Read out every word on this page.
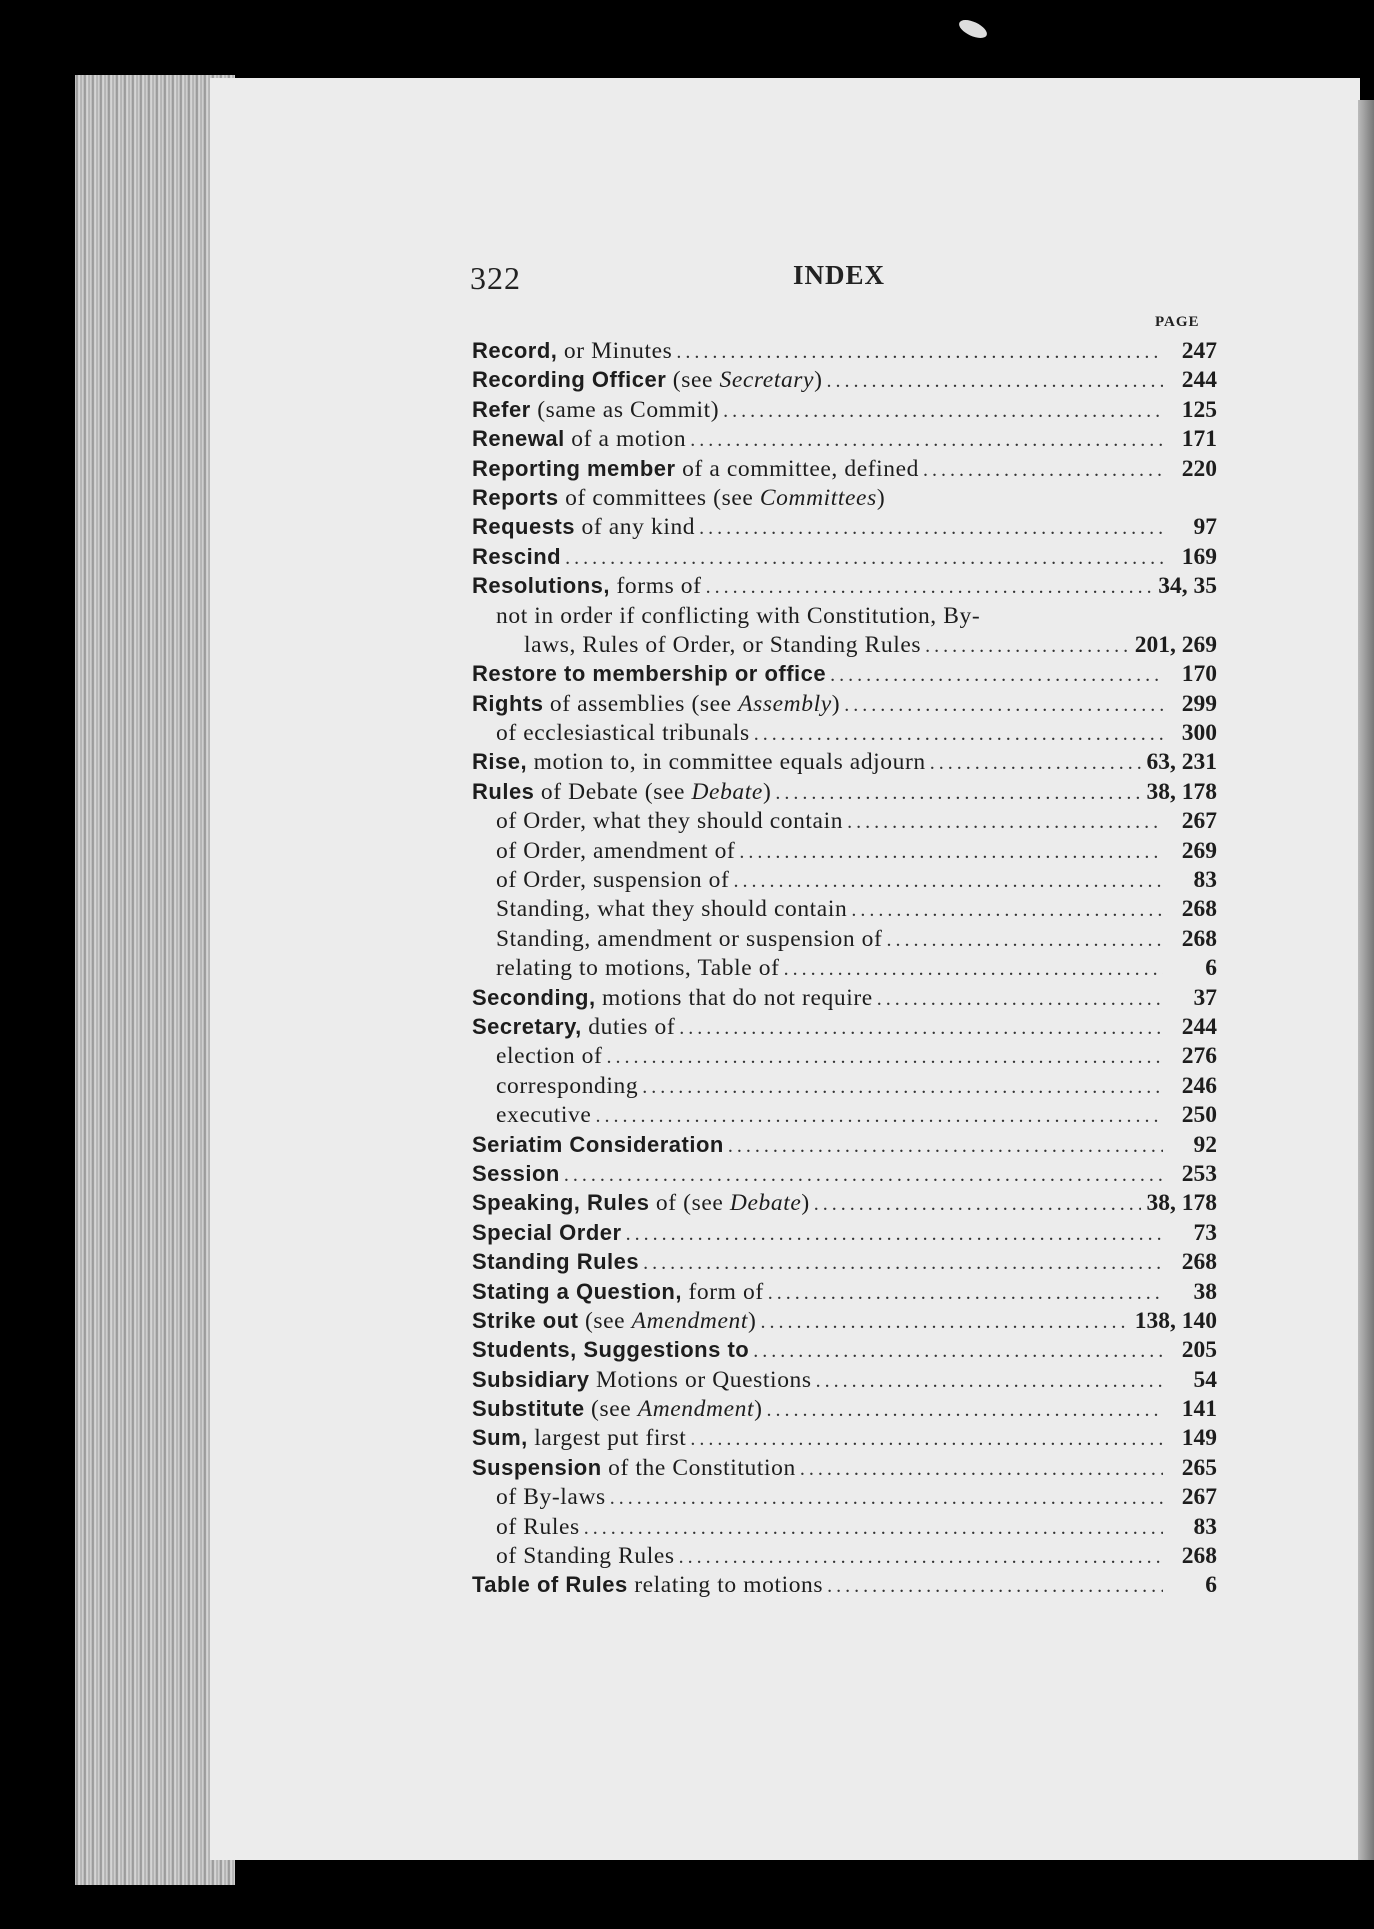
322	INDEX
PAGE
Record, or Minutes .....	247
Recording Officer (see Secretary) .....	244
Refer (same as Commit) .....	125
Renewal of a motion .....	171
Reporting member of a committee, defined .....	220
Reports of committees (see Committees)
Requests of any kind .....	97
Rescind .....	169
Resolutions, forms of .....	34, 35
not in order if conflicting with Constitution, By-
laws, Rules of Order, or Standing Rules .....	201, 269
Restore to membership or office .....	170
Rights of assemblies (see Assembly) .....	299
of ecclesiastical tribunals .....	300
Rise, motion to, in committee equals adjourn .....	63, 231
Rules of Debate (see Debate) .....	38, 178
of Order, what they should contain .....	267
of Order, amendment of .....	269
of Order, suspension of .....	83
Standing, what they should contain .....	268
Standing, amendment or suspension of .....	268
relating to motions, Table of .....	6
Seconding, motions that do not require .....	37
Secretary, duties of .....	244
election of .....	276
corresponding .....	246
executive .....	250
Seriatim Consideration .....	92
Session .....	253
Speaking, Rules of (see Debate) .....	38, 178
Special Order .....	73
Standing Rules .....	268
Stating a Question, form of .....	38
Strike out (see Amendment) .....	138, 140
Students, Suggestions to .....	205
Subsidiary Motions or Questions .....	54
Substitute (see Amendment) .....	141
Sum, largest put first .....	149
Suspension of the Constitution .....	265
of By-laws .....	267
of Rules .....	83
of Standing Rules .....	268
Table of Rules relating to motions .....	6
